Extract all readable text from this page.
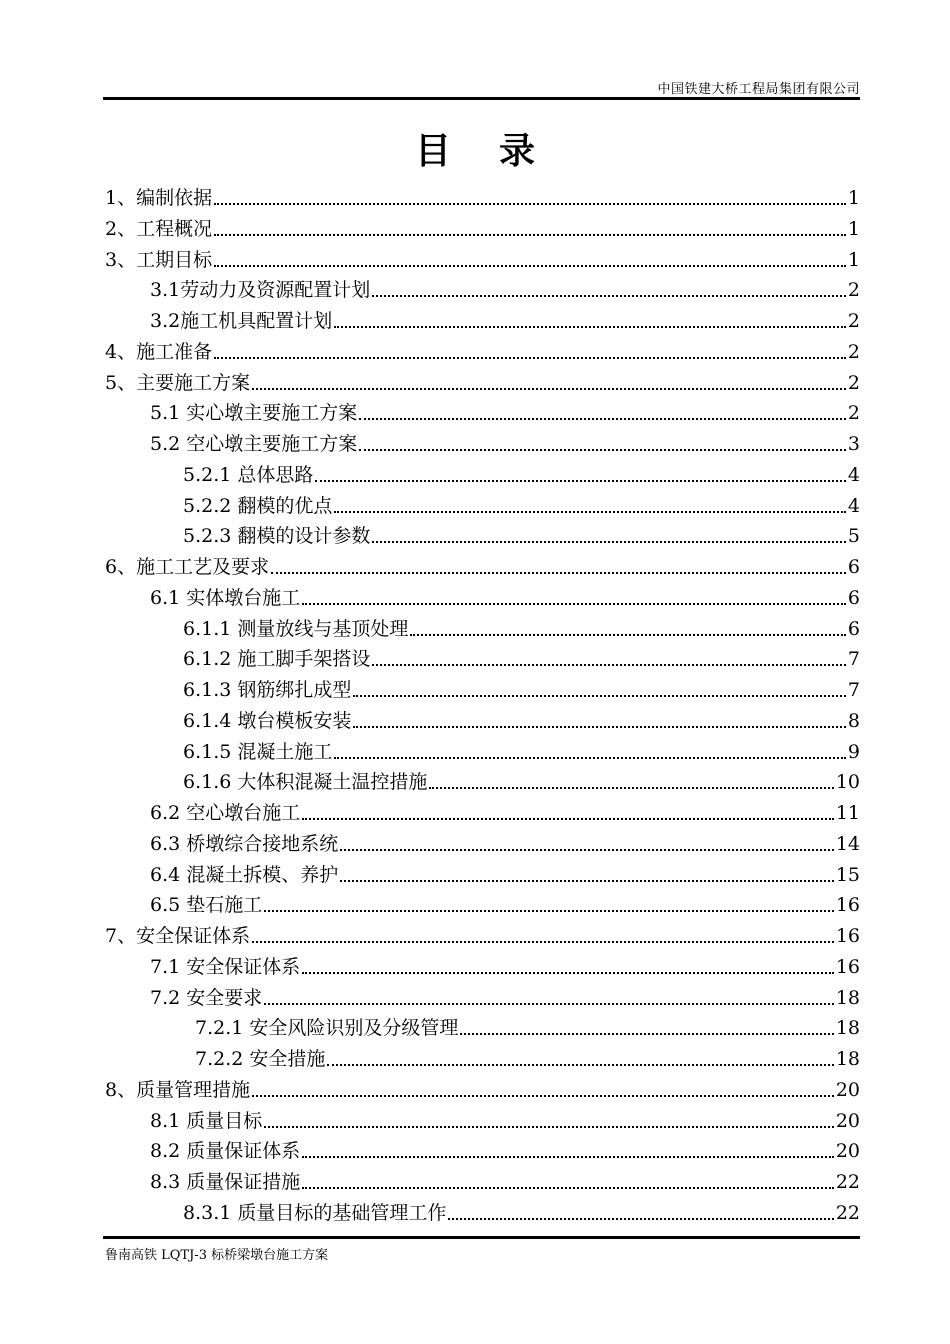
中国铁建大桥工程局集团有限公司
目录
1、编制依据	1
2、工程概况	1
3、工期目标	1
3.1劳动力及资源配置计划	2
3.2施工机具配置计划	2
4、施工准备	2
5、主要施工方案	2
5.1 实心墩主要施工方案	2
5.2 空心墩主要施工方案	3
5.2.1 总体思路	4
5.2.2 翻模的优点	4
5.2.3 翻模的设计参数	5
6、施工工艺及要求	6
6.1 实体墩台施工	6
6.1.1 测量放线与基顶处理	6
6.1.2 施工脚手架搭设	7
6.1.3 钢筋绑扎成型	7
6.1.4 墩台模板安装	8
6.1.5 混凝土施工	9
6.1.6 大体积混凝土温控措施	10
6.2 空心墩台施工	11
6.3 桥墩综合接地系统	14
6.4 混凝土拆模、养护	15
6.5 垫石施工	16
7、安全保证体系	16
7.1 安全保证体系	16
7.2 安全要求	18
7.2.1 安全风险识别及分级管理	18
7.2.2 安全措施	18
8、质量管理措施	20
8.1 质量目标	20
8.2 质量保证体系	20
8.3 质量保证措施	22
8.3.1 质量目标的基础管理工作	22
鲁南高铁 LQTJ-3 标桥梁墩台施工方案
